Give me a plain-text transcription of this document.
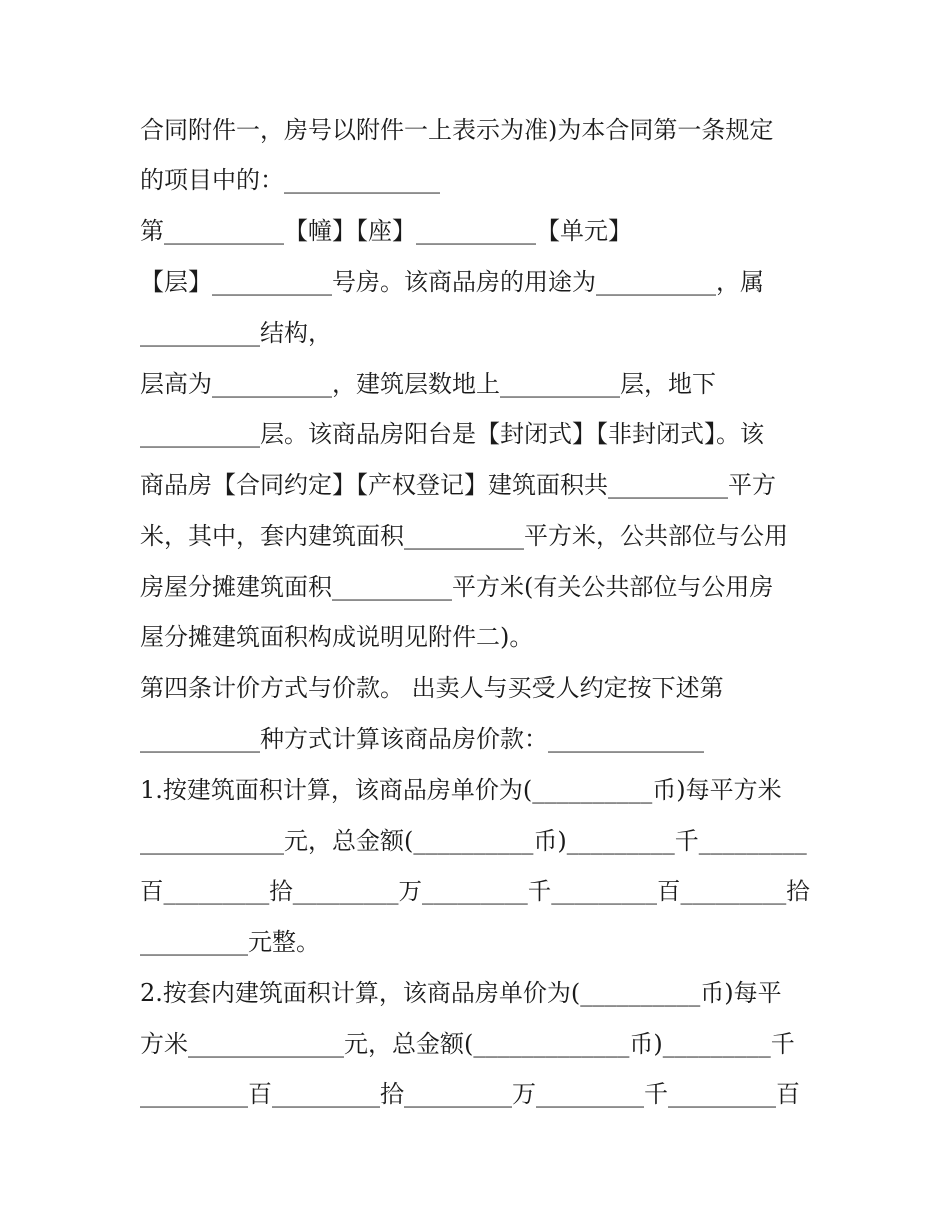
合同附件一，房号以附件一上表示为准)为本合同第一条规定
的项目中的：_____________
第__________【幢】【座】__________【单元】
【层】__________号房。该商品房的用途为__________，属
__________结构，
层高为__________，建筑层数地上__________层，地下
__________层。该商品房阳台是【封闭式】【非封闭式】。该
商品房【合同约定】【产权登记】建筑面积共__________平方
米，其中，套内建筑面积__________平方米，公共部位与公用
房屋分摊建筑面积__________平方米(有关公共部位与公用房
屋分摊建筑面积构成说明见附件二)。
第四条计价方式与价款。 出卖人与买受人约定按下述第
__________种方式计算该商品房价款：_____________
1.按建筑面积计算，该商品房单价为(__________币)每平方米
____________元，总金额(__________币)_________千_________
百_________拾_________万_________千_________百_________拾
_________元整。
2.按套内建筑面积计算，该商品房单价为(__________币)每平
方米_____________元，总金额(_____________币)_________千
_________百_________拾_________万_________千_________百
